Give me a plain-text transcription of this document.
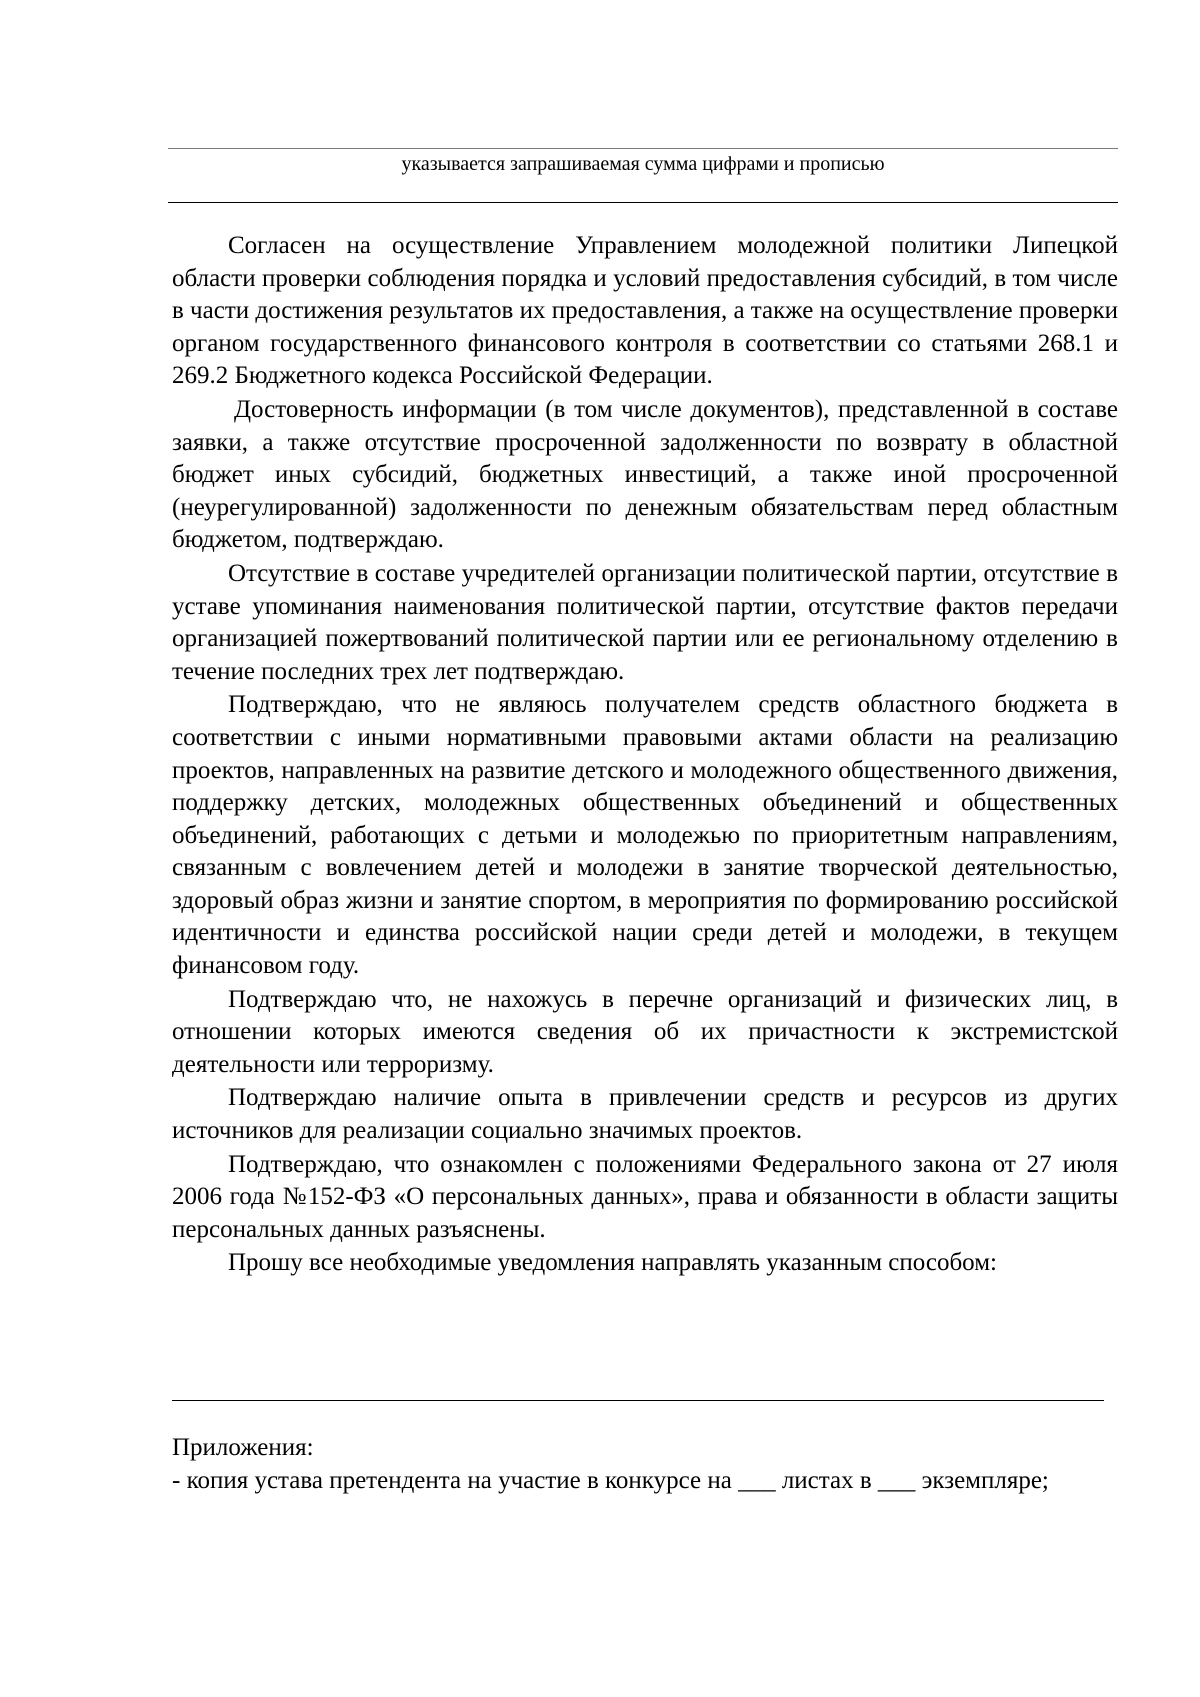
указывается запрашиваемая сумма цифрами и прописью

Согласен на осуществление Управлением молодежной политики Липецкой области проверки соблюдения порядка и условий предоставления субсидий, в том числе в части достижения результатов их предоставления, а также на осуществление проверки органом государственного финансового контроля в соответствии со статьями 268.1 и 269.2 Бюджетного кодекса Российской Федерации.

Достоверность информации (в том числе документов), представленной в составе заявки, а также отсутствие просроченной задолженности по возврату в областной бюджет иных субсидий, бюджетных инвестиций, а также иной просроченной (неурегулированной) задолженности по денежным обязательствам перед областным бюджетом, подтверждаю.

Отсутствие в составе учредителей организации политической партии, отсутствие в уставе упоминания наименования политической партии, отсутствие фактов передачи организацией пожертвований политической партии или ее региональному отделению в течение последних трех лет подтверждаю.

Подтверждаю, что не являюсь получателем средств областного бюджета в соответствии с иными нормативными правовыми актами области на реализацию проектов, направленных на развитие детского и молодежного общественного движения, поддержку детских, молодежных общественных объединений и общественных объединений, работающих с детьми и молодежью по приоритетным направлениям, связанным с вовлечением детей и молодежи в занятие творческой деятельностью, здоровый образ жизни и занятие спортом, в мероприятия по формированию российской идентичности и единства российской нации среди детей и молодежи, в текущем финансовом году.

Подтверждаю что, не нахожусь в перечне организаций и физических лиц, в отношении которых имеются сведения об их причастности к экстремистской деятельности или терроризму.

Подтверждаю наличие опыта в привлечении средств и ресурсов из других источников для реализации социально значимых проектов.

Подтверждаю, что ознакомлен с положениями Федерального закона от 27 июля 2006 года №152-ФЗ «О персональных данных», права и обязанности в области защиты персональных данных разъяснены.

Прошу все необходимые уведомления направлять указанным способом:

Приложения:

- копия устава претендента на участие в конкурсе на ___ листах в ___ экземпляре;
